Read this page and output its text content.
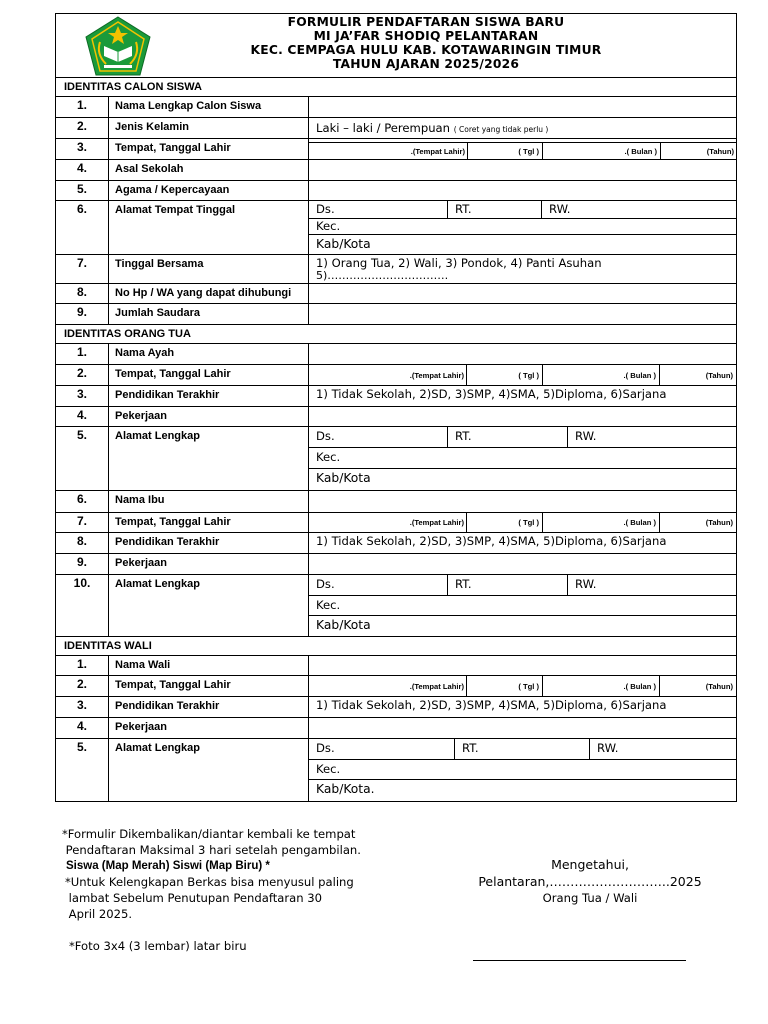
FORMULIR PENDAFTARAN SISWA BARU
MI JA’FAR SHODIQ PELANTARAN
KEC. CEMPAGA HULU KAB. KOTAWARINGIN TIMUR
TAHUN AJARAN 2025/2026
IDENTITAS CALON SISWA
1.	Nama Lengkap Calon Siswa
2.	Jenis Kelamin	Laki – laki / Perempuan ( Coret yang tidak perlu )
3.	Tempat, Tanggal Lahir	.(Tempat Lahir)	( Tgl )	.( Bulan )	(Tahun)
4.	Asal Sekolah
5.	Agama / Kepercayaan
6.	Alamat Tempat Tinggal	Ds.	RT.	RW.
Kec.
Kab/Kota
7.	Tinggal Bersama	1) Orang Tua, 2) Wali, 3) Pondok, 4) Panti Asuhan
5)……………………………
8.	No Hp / WA yang dapat dihubungi
9.	Jumlah Saudara
IDENTITAS ORANG TUA
1.	Nama Ayah
2.	Tempat, Tanggal Lahir	.(Tempat Lahir)	( Tgl )	.( Bulan )	(Tahun)
3.	Pendidikan Terakhir	1) Tidak Sekolah, 2)SD, 3)SMP, 4)SMA, 5)Diploma, 6)Sarjana
4.	Pekerjaan
5.	Alamat Lengkap	Ds.	RT.	RW.
Kec.
Kab/Kota
6.	Nama Ibu
7.	Tempat, Tanggal Lahir	.(Tempat Lahir)	( Tgl )	.( Bulan )	(Tahun)
8.	Pendidikan Terakhir	1) Tidak Sekolah, 2)SD, 3)SMP, 4)SMA, 5)Diploma, 6)Sarjana
9.	Pekerjaan
10.	Alamat Lengkap	Ds.	RT.	RW.
Kec.
Kab/Kota
IDENTITAS WALI
1.	Nama Wali
2.	Tempat, Tanggal Lahir	.(Tempat Lahir)	( Tgl )	.( Bulan )	(Tahun)
3.	Pendidikan Terakhir	1) Tidak Sekolah, 2)SD, 3)SMP, 4)SMA, 5)Diploma, 6)Sarjana
4.	Pekerjaan
5.	Alamat Lengkap	Ds.	RT.	RW.
Kec.
Kab/Kota.
*Formulir Dikembalikan/diantar kembali ke tempat
Pendaftaran Maksimal 3 hari setelah pengambilan.
Siswa (Map Merah) Siswi (Map Biru) *
*Untuk Kelengkapan Berkas bisa menyusul paling
lambat Sebelum Penutupan Pendaftaran 30
April 2025.
*Foto 3x4 (3 lembar) latar biru
Mengetahui,
Pelantaran,………………………..2025
Orang Tua / Wali
